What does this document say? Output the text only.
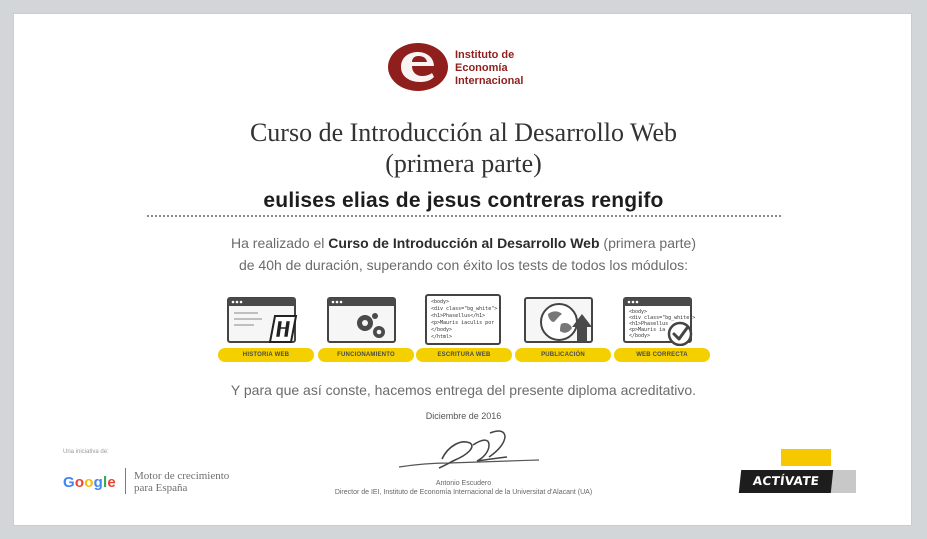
Instituto de
Economía
Internacional
Curso de Introducción al Desarrollo Web
(primera parte)
eulises elias de jesus contreras rengifo
Ha realizado el Curso de Introducción al Desarrollo Web (primera parte)
de 40h de duración, superando con éxito los tests de todos los módulos:
HISTORIA WEB	FUNCIONAMIENTO
<body>
<div class="bg_white">
<h1>Phasellus</h1>
<p>Mauris iaculis por
</body>
</html>
ESCRITURA WEB	PUBLICACIÓN
<body>
<div class="bg_white">
<h1>Phasellus
<p>Mauris ia
</body>
WEB CORRECTA
Y para que así conste, hacemos entrega del presente diploma acreditativo.
Diciembre de 2016
Una iniciativa de:
Google Motor de crecimiento
para España	Antonio Escudero
Director de IEI, Instituto de Economía Internacional de la Universitat d'Alacant (UA)
ACTÍVATE
